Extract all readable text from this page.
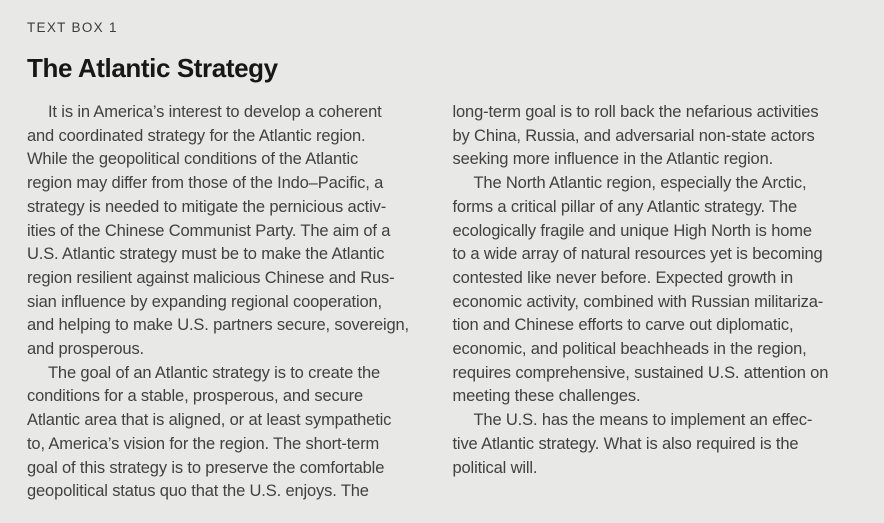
TEXT BOX 1
The Atlantic Strategy
It is in America’s interest to develop a coherent
and coordinated strategy for the Atlantic region.
While the geopolitical conditions of the Atlantic
region may differ from those of the Indo–Pacific, a
strategy is needed to mitigate the pernicious activ-
ities of the Chinese Communist Party. The aim of a
U.S. Atlantic strategy must be to make the Atlantic
region resilient against malicious Chinese and Rus-
sian influence by expanding regional cooperation,
and helping to make U.S. partners secure, sovereign,
and prosperous.
The goal of an Atlantic strategy is to create the
conditions for a stable, prosperous, and secure
Atlantic area that is aligned, or at least sympathetic
to, America’s vision for the region. The short-term
goal of this strategy is to preserve the comfortable
geopolitical status quo that the U.S. enjoys. The
long-term goal is to roll back the nefarious activities
by China, Russia, and adversarial non-state actors
seeking more influence in the Atlantic region.
The North Atlantic region, especially the Arctic,
forms a critical pillar of any Atlantic strategy. The
ecologically fragile and unique High North is home
to a wide array of natural resources yet is becoming
contested like never before. Expected growth in
economic activity, combined with Russian militariza-
tion and Chinese efforts to carve out diplomatic,
economic, and political beachheads in the region,
requires comprehensive, sustained U.S. attention on
meeting these challenges.
The U.S. has the means to implement an effec-
tive Atlantic strategy. What is also required is the
political will.
